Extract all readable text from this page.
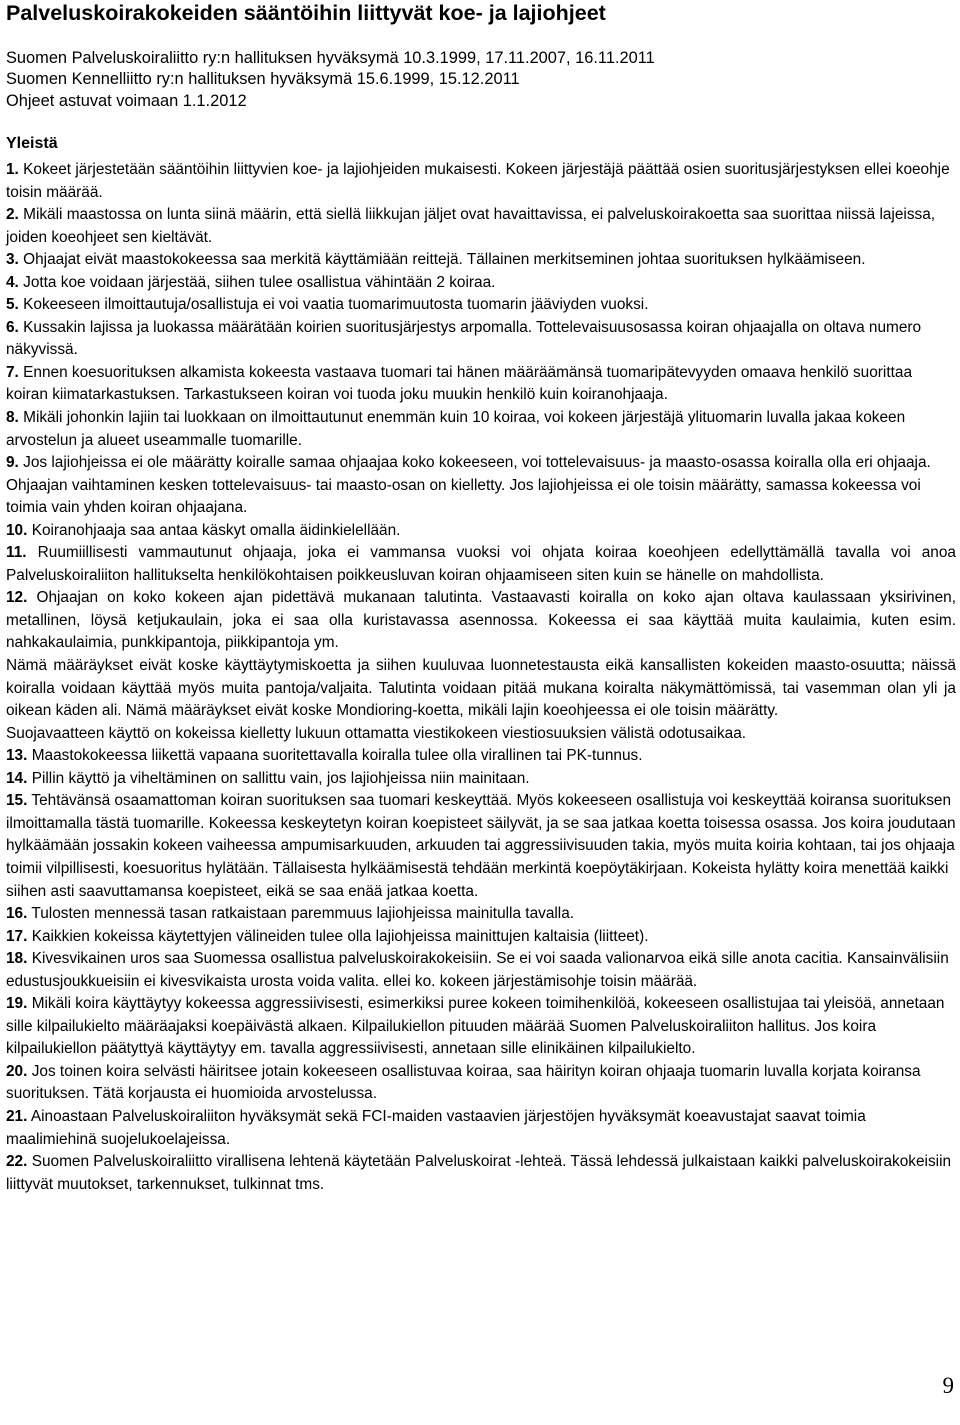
Palveluskoirakokeiden sääntöihin liittyvät koe- ja lajiohjeet
Suomen Palveluskoiraliitto ry:n hallituksen hyväksymä 10.3.1999, 17.11.2007, 16.11.2011
Suomen Kennelliitto ry:n hallituksen hyväksymä 15.6.1999, 15.12.2011
Ohjeet astuvat voimaan 1.1.2012
Yleistä

1. Kokeet järjestetään sääntöihin liittyvien koe- ja lajiohjeiden mukaisesti. Kokeen järjestäjä päättää osien suoritusjärjestyksen ellei koeohje toisin määrää.

2. Mikäli maastossa on lunta siinä määrin, että siellä liikkujan jäljet ovat havaittavissa, ei palveluskoirakoetta saa suorittaa niissä lajeissa, joiden koeohjeet sen kieltävät.

3. Ohjaajat eivät maastokokeessa saa merkitä käyttämiään reittejä. Tällainen merkitseminen johtaa suorituksen hylkäämiseen.

4. Jotta koe voidaan järjestää, siihen tulee osallistua vähintään 2 koiraa.

5. Kokeeseen ilmoittautuja/osallistuja ei voi vaatia tuomarimuutosta tuomarin jääviyden vuoksi.

6. Kussakin lajissa ja luokassa määrätään koirien suoritusjärjestys arpomalla. Tottelevaisuusosassa koiran ohjaajalla on oltava numero näkyvissä.

7. Ennen koesuorituksen alkamista kokeesta vastaava tuomari tai hänen määräämänsä tuomaripätevyyden omaava henkilö suorittaa koiran kiimatarkastuksen. Tarkastukseen koiran voi tuoda joku muukin henkilö kuin koiranohjaaja.

8. Mikäli johonkin lajiin tai luokkaan on ilmoittautunut enemmän kuin 10 koiraa, voi kokeen järjestäjä ylituomarin luvalla jakaa kokeen arvostelun ja alueet useammalle tuomarille.

9. Jos lajiohjeissa ei ole määrätty koiralle samaa ohjaajaa koko kokeeseen, voi tottelevaisuus- ja maasto-osassa koiralla olla eri ohjaaja. Ohjaajan vaihtaminen kesken tottelevaisuus- tai maasto-osan on kielletty. Jos lajiohjeissa ei ole toisin määrätty, samassa kokeessa voi toimia vain yhden koiran ohjaajana.

10. Koiranohjaaja saa antaa käskyt omalla äidinkielellään.

11. Ruumiillisesti vammautunut ohjaaja, joka ei vammansa vuoksi voi ohjata koiraa koeohjeen edellyttämällä tavalla voi anoa Palveluskoiraliiton hallitukselta henkilökohtaisen poikkeusluvan koiran ohjaamiseen siten kuin se hänelle on mahdollista.

12. Ohjaajan on koko kokeen ajan pidettävä mukanaan talutinta. Vastaavasti koiralla on koko ajan oltava kaulassaan yksirivinen, metallinen, löysä ketjukaulain, joka ei saa olla kuristavassa asennossa. Kokeessa ei saa käyttää muita kaulaimia, kuten esim. nahkakaulaimia, punkkipantoja, piikkipantoja ym.

Nämä määräykset eivät koske käyttäytymiskoetta ja siihen kuuluvaa luonnetestausta eikä kansallisten kokeiden maasto-osuutta; näissä koiralla voidaan käyttää myös muita pantoja/valjaita. Talutinta voidaan pitää mukana koiralta näkymättömissä, tai vasemman olan yli ja oikean käden ali. Nämä määräykset eivät koske Mondioring-koetta, mikäli lajin koeohjeessa ei ole toisin määrätty.

Suojavaatteen käyttö on kokeissa kielletty lukuun ottamatta viestikokeen viestiosuuksien välistä odotusaikaa.

13. Maastokokeessa liikettä vapaana suoritettavalla koiralla tulee olla virallinen tai PK-tunnus.

14. Pillin käyttö ja viheltäminen on sallittu vain, jos lajiohjeissa niin mainitaan.

15. Tehtävänsä osaamattoman koiran suorituksen saa tuomari keskeyttää. Myös kokeeseen osallistuja voi keskeyttää koiransa suorituksen ilmoittamalla tästä tuomarille. Kokeessa keskeytetyn koiran koepisteet säilyvät, ja se saa jatkaa koetta toisessa osassa. Jos koira joudutaan hylkäämään jossakin kokeen vaiheessa ampumisarkuuden, arkuuden tai aggressiivisuuden takia, myös muita koiria kohtaan, tai jos ohjaaja toimii vilpillisesti, koesuoritus hylätään. Tällaisesta hylkäämisestä tehdään merkintä koepöytäkirjaan. Kokeista hylätty koira menettää kaikki siihen asti saavuttamansa koepisteet, eikä se saa enää jatkaa koetta.

16. Tulosten mennessä tasan ratkaistaan paremmuus lajiohjeissa mainitulla tavalla.

17. Kaikkien kokeissa käytettyjen välineiden tulee olla lajiohjeissa mainittujen kaltaisia (liitteet).

18. Kivesvikainen uros saa Suomessa osallistua palveluskoirakokeisiin. Se ei voi saada valionarvoa eikä sille anota cacitia. Kansainvälisiin edustusjoukkueisiin ei kivesvikaista urosta voida valita. ellei ko. kokeen järjestämisohje toisin määrää.

19. Mikäli koira käyttäytyy kokeessa aggressiivisesti, esimerkiksi puree kokeen toimihenkilöä, kokeeseen osallistujaa tai yleisöä, annetaan sille kilpailukielto määräajaksi koepäivästä alkaen. Kilpailukiellon pituuden määrää Suomen Palveluskoiraliiton hallitus. Jos koira kilpailukiellon päätyttyä käyttäytyy em. tavalla aggressiivisesti, annetaan sille elinikäinen kilpailukielto.

20. Jos toinen koira selvästi häiritsee jotain kokeeseen osallistuvaa koiraa, saa häirityn koiran ohjaaja tuomarin luvalla korjata koiransa suorituksen. Tätä korjausta ei huomioida arvostelussa.

21. Ainoastaan Palveluskoiraliiton hyväksymät sekä FCI-maiden vastaavien järjestöjen hyväksymät koeavustajat saavat toimia maalimiehinä suojelukoelajeissa.

22. Suomen Palveluskoiraliitto virallisena lehtenä käytetään Palveluskoirat -lehteä. Tässä lehdessä julkaistaan kaikki palveluskoirakokeisiin liittyvät muutokset, tarkennukset, tulkinnat tms.

9
